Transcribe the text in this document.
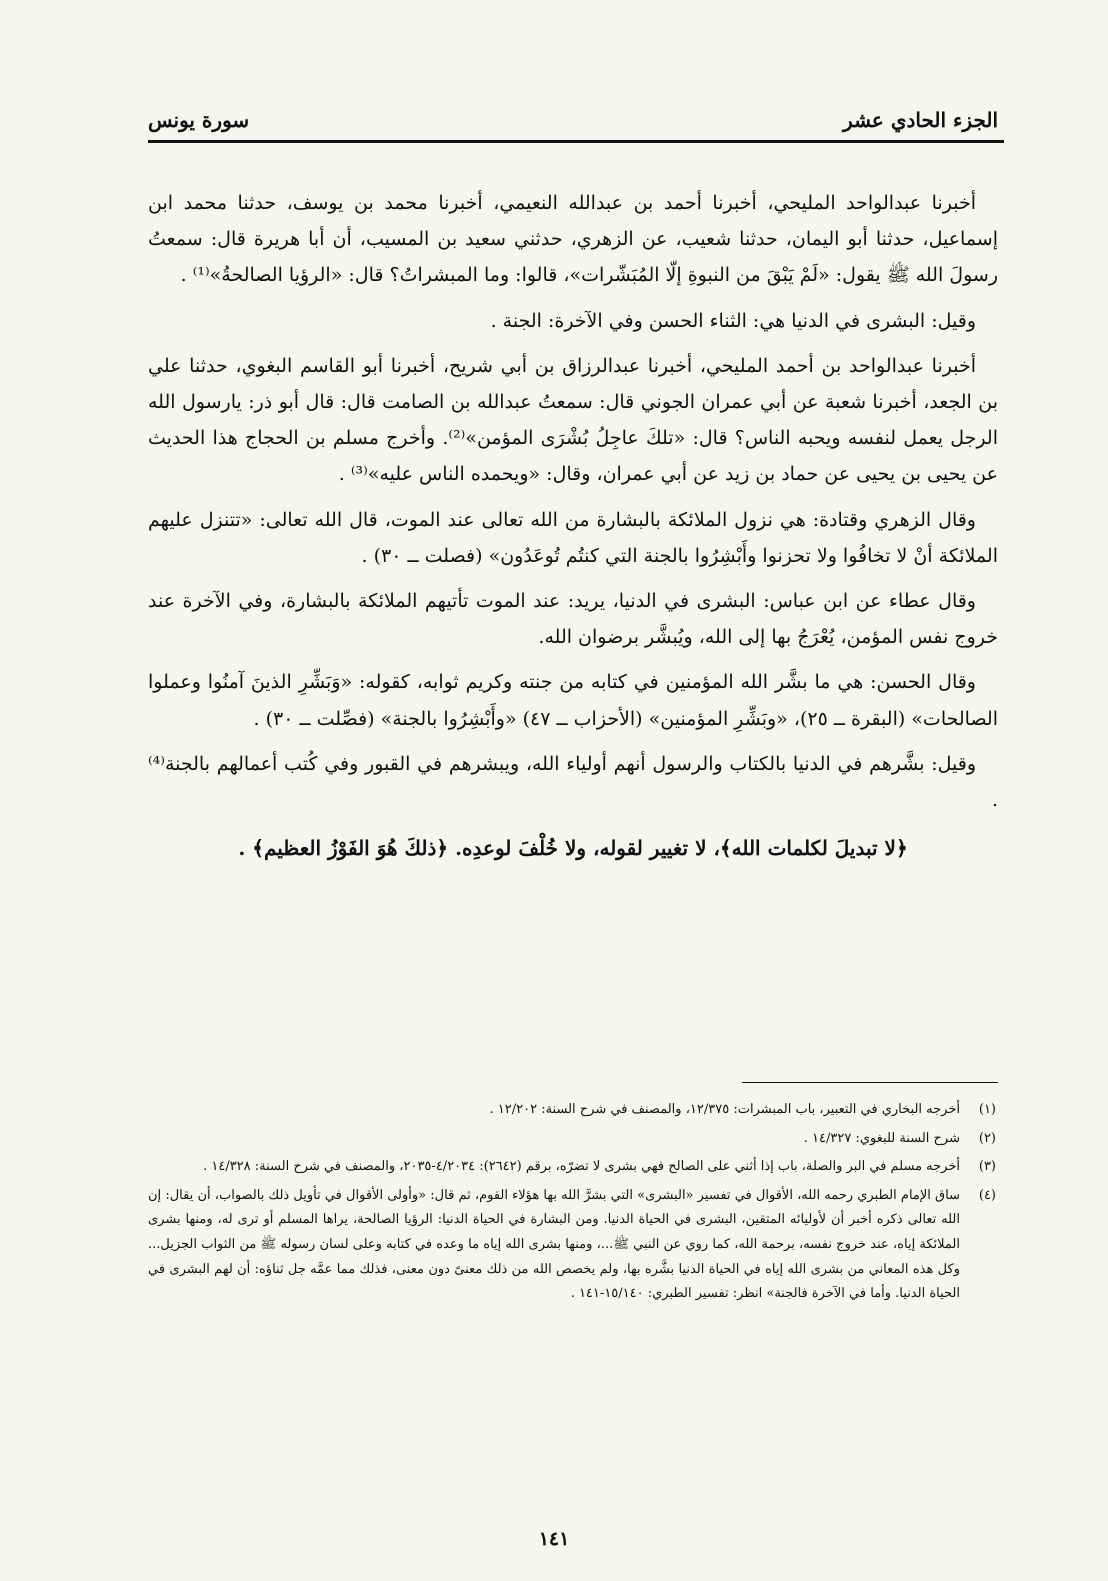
الجزء الحادي عشر
سورة يونس

أخبرنا عبدالواحد المليحي، أخبرنا أحمد بن عبدالله النعيمي، أخبرنا محمد بن يوسف، حدثنا محمد ابن إسماعيل، حدثنا أبو اليمان، حدثنا شعيب، عن الزهري، حدثني سعيد بن المسيب، أن أبا هريرة قال: سمعتُ رسولَ الله ﷺ يقول: «لَمْ يَبْقَ من النبوةِ إلّا المُبَشّرات»، قالوا: وما المبشراتُ؟ قال: «الرؤيا الصالحةُ»⁽¹⁾ .

وقيل: البشرى في الدنيا هي: الثناء الحسن وفي الآخرة: الجنة .

أخبرنا عبدالواحد بن أحمد المليحي، أخبرنا عبدالرزاق بن أبي شريح، أخبرنا أبو القاسم البغوي، حدثنا علي بن الجعد، أخبرنا شعبة عن أبي عمران الجوني قال: سمعتُ عبدالله بن الصامت قال: قال أبو ذر: يارسول الله الرجل يعمل لنفسه ويحبه الناس؟ قال: «تلكَ عاجِلُ بُشْرَى المؤمن»⁽²⁾. وأخرج مسلم بن الحجاج هذا الحديث عن يحيى بن يحيى عن حماد بن زيد عن أبي عمران، وقال: «ويحمده الناس عليه»⁽³⁾ .

وقال الزهري وقتادة: هي نزول الملائكة بالبشارة من الله تعالى عند الموت، قال الله تعالى: «تتنزل عليهم الملائكة أنْ لا تخافُوا ولا تحزنوا وأَبْشِرُوا بالجنة التي كنتُم تُوعَدُون» (فصلت ــ ٣٠) .

وقال عطاء عن ابن عباس: البشرى في الدنيا، يريد: عند الموت تأتيهم الملائكة بالبشارة، وفي الآخرة عند خروج نفس المؤمن، يُعْرَجُ بها إلى الله، ويُبشَّر برضوان الله.

وقال الحسن: هي ما بشَّر الله المؤمنين في كتابه من جنته وكريم ثوابه، كقوله: «وَبَشِّرِ الذينَ آمنُوا وعملوا الصالحات» (البقرة ــ ٢٥)، «وبَشِّرِ المؤمنين» (الأحزاب ــ ٤٧) «وأَبْشِرُوا بالجنة» (فصِّلت ــ ٣٠) .

وقيل: بشَّرهم في الدنيا بالكتاب والرسول أنهم أولياء الله، ويبشرهم في القبور وفي كُتب أعمالهم بالجنة⁽⁴⁾ .

﴿لا تبديلَ لكلمات الله﴾، لا تغيير لقوله، ولا خُلْفَ لوعدِه. ﴿ذلكَ هُوَ الفَوْزُ العظيم﴾ .

(١)
أخرجه البخاري في التعبير، باب المبشرات: ١٢/٣٧٥، والمصنف في شرح السنة: ١٢/٢٠٢ .
(٢)
شرح السنة للبغوي: ١٤/٣٢٧ .
(٣)
أخرجه مسلم في البر والصلة، باب إذا أثني على الصالح فهي بشرى لا تضرّه، برقم (٢٦٤٢): ٤/٢٠٣٤-٢٠٣٥، والمصنف في شرح السنة: ١٤/٣٢٨ .
(٤)
ساق الإمام الطبري رحمه الله، الأقوال في تفسير «البشرى» التي بشرَّ الله بها هؤلاء القوم، ثم قال: «وأولى الأقوال في تأويل ذلك بالصواب، أن يقال: إن الله تعالى ذكره أخبر أن لأوليائه المتقين، البشرى في الحياة الدنيا. ومن البشارة في الحياة الدنيا: الرؤيا الصالحة، يراها المسلم أو ترى له، ومنها بشرى الملائكة إياه، عند خروج نفسه، برحمة الله، كما روي عن النبي ﷺ...، ومنها بشرى الله إياه ما وعده في كتابه وعلى لسان رسوله ﷺ من الثواب الجزيل... وكل هذه المعاني من بشرى الله إياه في الحياة الدنيا بشَّره بها، ولم يخصص الله من ذلك معنىً دون معنى، فذلك مما عمَّه جل ثناؤه: أن لهم البشرى في الحياة الدنيا. وأما في الآخرة فالجنة» انظر: تفسير الطبري: ١٥/١٤٠-١٤١ .
١٤١
